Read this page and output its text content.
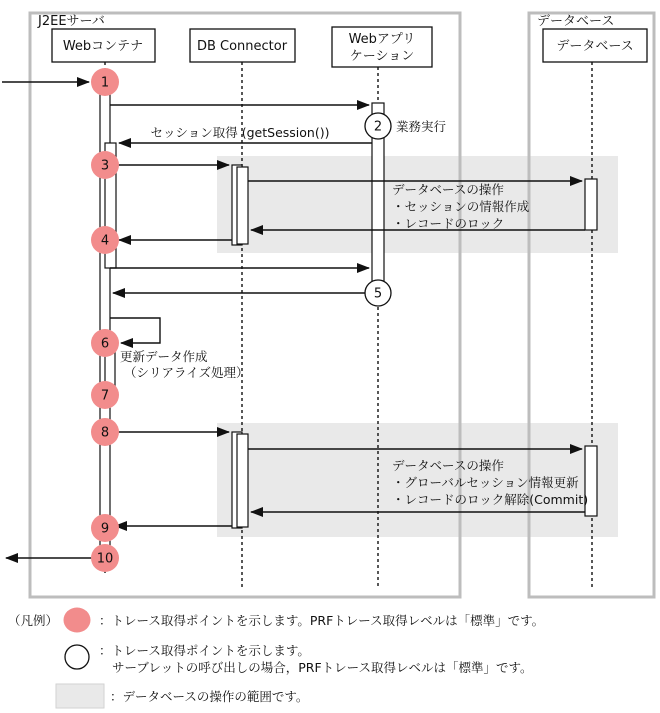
J2EEサーバ	データベース
Webコンテナ	DB Connector	Webアプリ
ケーション
データベース
セッション取得 (getSession())	業務実行
更新データ作成
（シリアライズ処理）
データベースの操作
・セッションの情報作成
・レコードのロック
データベースの操作
・グローバルセッション情報更新
・レコードのロック解除(Commit)
1
3
4
6
7
8
9
10
2
5
（凡例）	：トレース取得ポイントを示します。PRFトレース取得レベルは「標準」です。
：トレース取得ポイントを示します。
サーブレットの呼び出しの場合，PRFトレース取得レベルは「標準」です。
：データベースの操作の範囲です。
